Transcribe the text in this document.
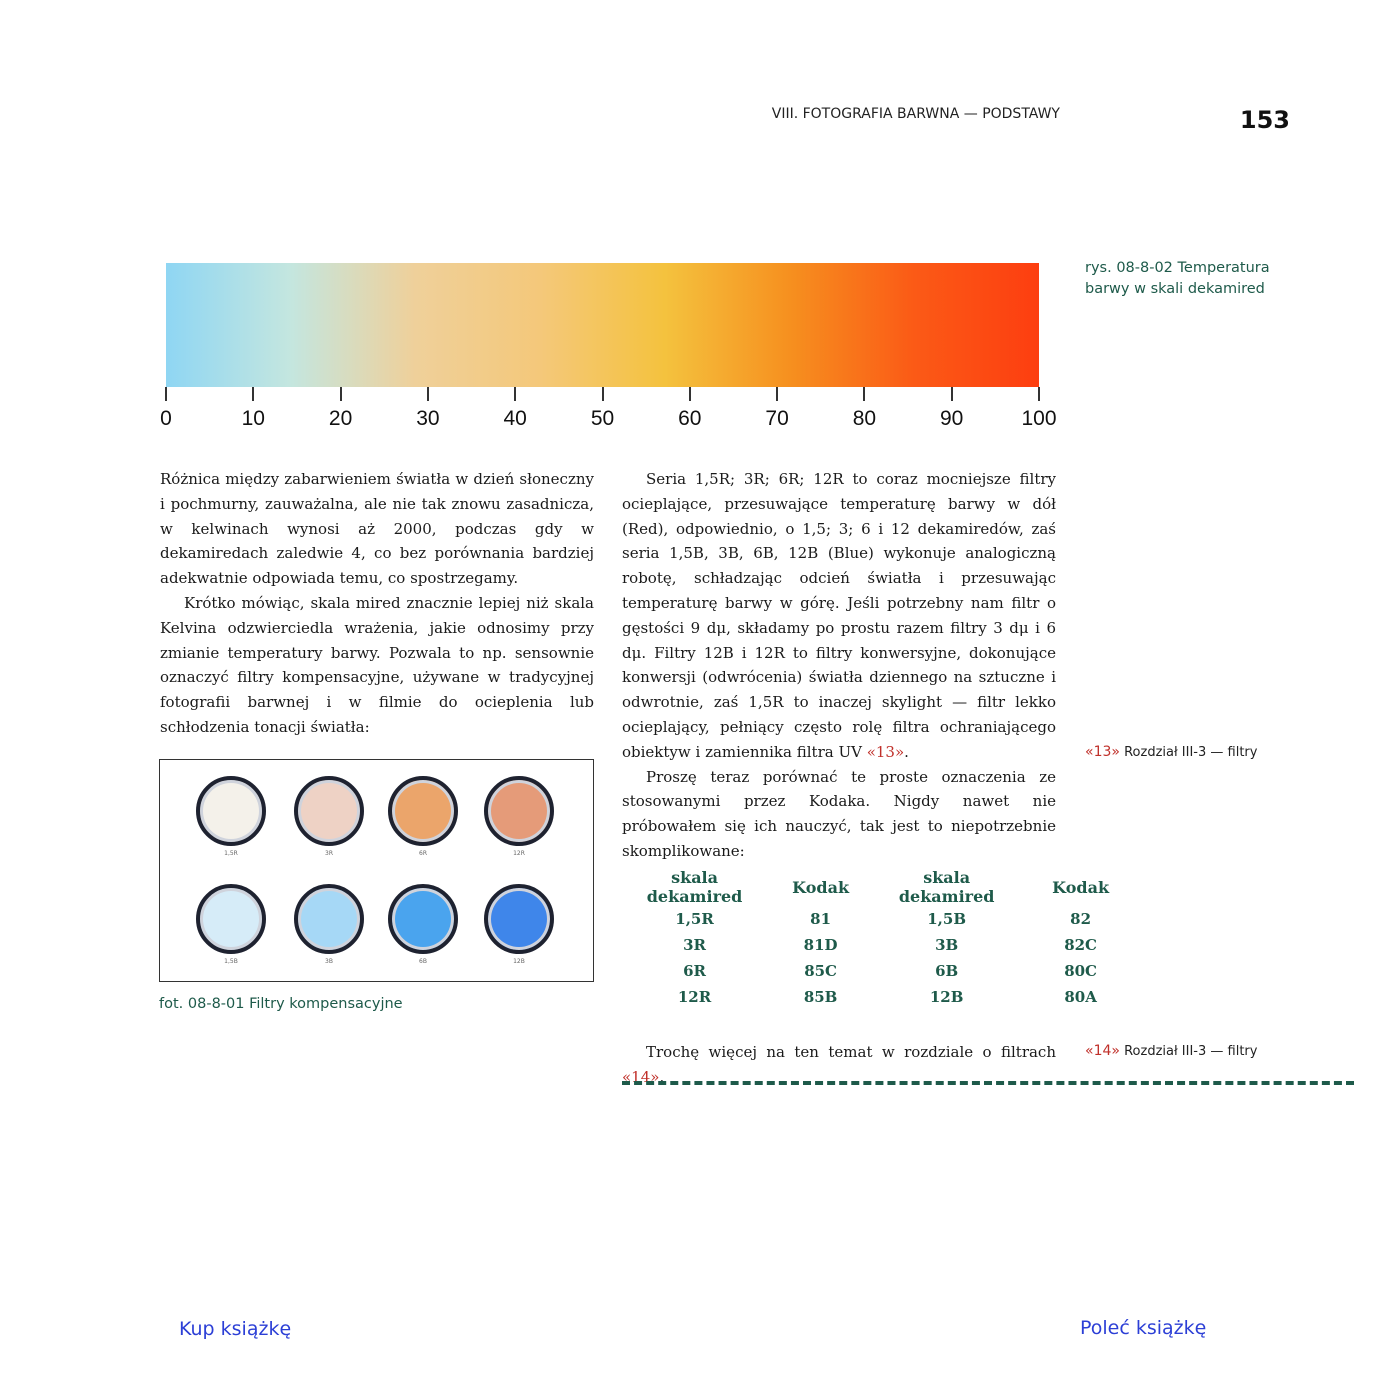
VIII. FOTOGRAFIA BARWNA — PODSTAWY	153
0	10	20	30	40	50	60	70	80	90	100
rys. 08-8-02 Temperatura barwy w skali dekamired

Różnica między zabarwieniem światła w dzień słoneczny i pochmurny, zauważalna, ale nie tak znowu zasadnicza, w kelwinach wynosi aż 2000, podczas gdy w dekamiredach zaledwie 4, co bez porównania bardziej adekwatnie odpowiada temu, co spostrzegamy.

Krótko mówiąc, skala mired znacznie lepiej niż skala Kelvina odzwierciedla wrażenia, jakie odnosimy przy zmianie temperatury barwy. Pozwala to np. sensownie oznaczyć filtry kompensacyjne, używane w tradycyjnej fotografii barwnej i w filmie do ocieplenia lub schłodzenia tonacji światła:

1,5R	3R	6R	12R
1,5B	3B	6B	12B
fot. 08-8-01 Filtry kompensacyjne

Seria 1,5R; 3R; 6R; 12R to coraz mocniejsze filtry ocieplające, przesuwające temperaturę barwy w dół (Red), odpowiednio, o 1,5; 3; 6 i 12 dekamiredów, zaś seria 1,5B, 3B, 6B, 12B (Blue) wykonuje analogiczną robotę, schładzając odcień światła i przesuwając temperaturę barwy w górę. Jeśli potrzebny nam filtr o gęstości 9 dμ, składamy po prostu razem filtry 3 dμ i 6 dμ. Filtry 12B i 12R to filtry konwersyjne, dokonujące konwersji (odwrócenia) światła dziennego na sztuczne i odwrotnie, zaś 1,5R to inaczej skylight — filtr lekko ocieplający, pełniący często rolę filtra ochraniającego obiektyw i zamiennika filtra UV «13».

Proszę teraz porównać te proste oznaczenia ze stosowanymi przez Kodaka. Nigdy nawet nie próbowałem się ich nauczyć, tak jest to niepotrzebnie skomplikowane:

skala dekamired	Kodak	skala dekamired	Kodak
1,5R	81	1,5B	82
3R	81D	3B	82C
6R	85C	6B	80C
12R	85B	12B	80A
«13» Rozdział III-3 — filtry

Trochę więcej na ten temat w rozdziale o filtrach «14».

«14» Rozdział III-3 — filtry
Kup książkę	Poleć książkę
